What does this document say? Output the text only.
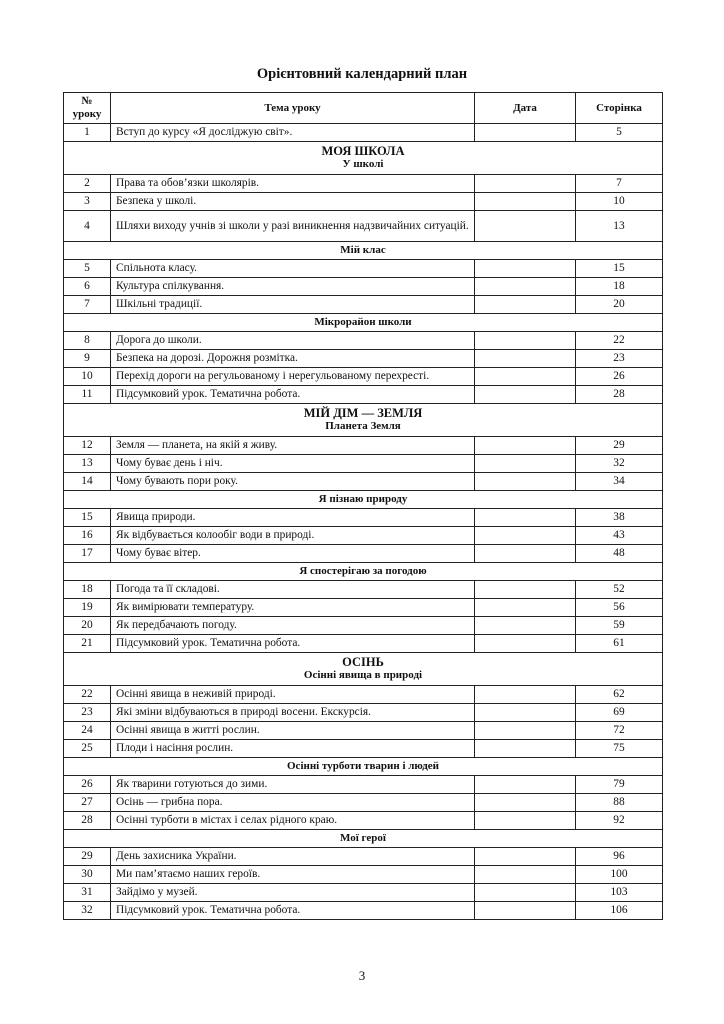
Орієнтовний календарний план
№
уроку	Тема уроку	Дата	Сторінка
1	Вступ до курсу «Я досліджую світ».		5

МОЯ ШКОЛА
У школі			

2	Права та обов’язки школярів.		7
3	Безпека у школі.		10
4	Шляхи виходу учнів зі школи у разі виникнення надзвичайних ситуацій.		13
Мій клас			
5	Спільнота класу.		15
6	Культура спілкування.		18
7	Шкільні традиції.		20
Мікрорайон школи			
8	Дорога до школи.		22
9	Безпека на дорозі. Дорожня розмітка.		23
10	Перехід дороги на регульованому і нерегульованому перехресті.		26
11	Підсумковий урок. Тематична робота.		28

МІЙ ДІМ — ЗЕМЛЯ
Планета Земля			

12	Земля — планета, на якій я живу.		29
13	Чому буває день і ніч.		32
14	Чому бувають пори року.		34
Я пізнаю природу			
15	Явища природи.		38
16	Як відбувається колообіг води в природі.		43
17	Чому буває вітер.		48
Я спостерігаю за погодою			
18	Погода та її складові.		52
19	Як вимірювати температуру.		56
20	Як передбачають погоду.		59
21	Підсумковий урок. Тематична робота.		61

ОСІНЬ
Осінні явища в природі			

22	Осінні явища в неживій природі.		62
23	Які зміни відбуваються в природі восени. Екскурсія.		69
24	Осінні явища в житті рослин.		72
25	Плоди і насіння рослин.		75
Осінні турботи тварин і людей			
26	Як тварини готуються до зими.		79
27	Осінь — грибна пора.		88
28	Осінні турботи в містах і селах рідного краю.		92
Мої герої			
29	День захисника України.		96
30	Ми пам’ятаємо наших героїв.		100
31	Зайдімо у музей.		103
32	Підсумковий урок. Тематична робота.		106
3
